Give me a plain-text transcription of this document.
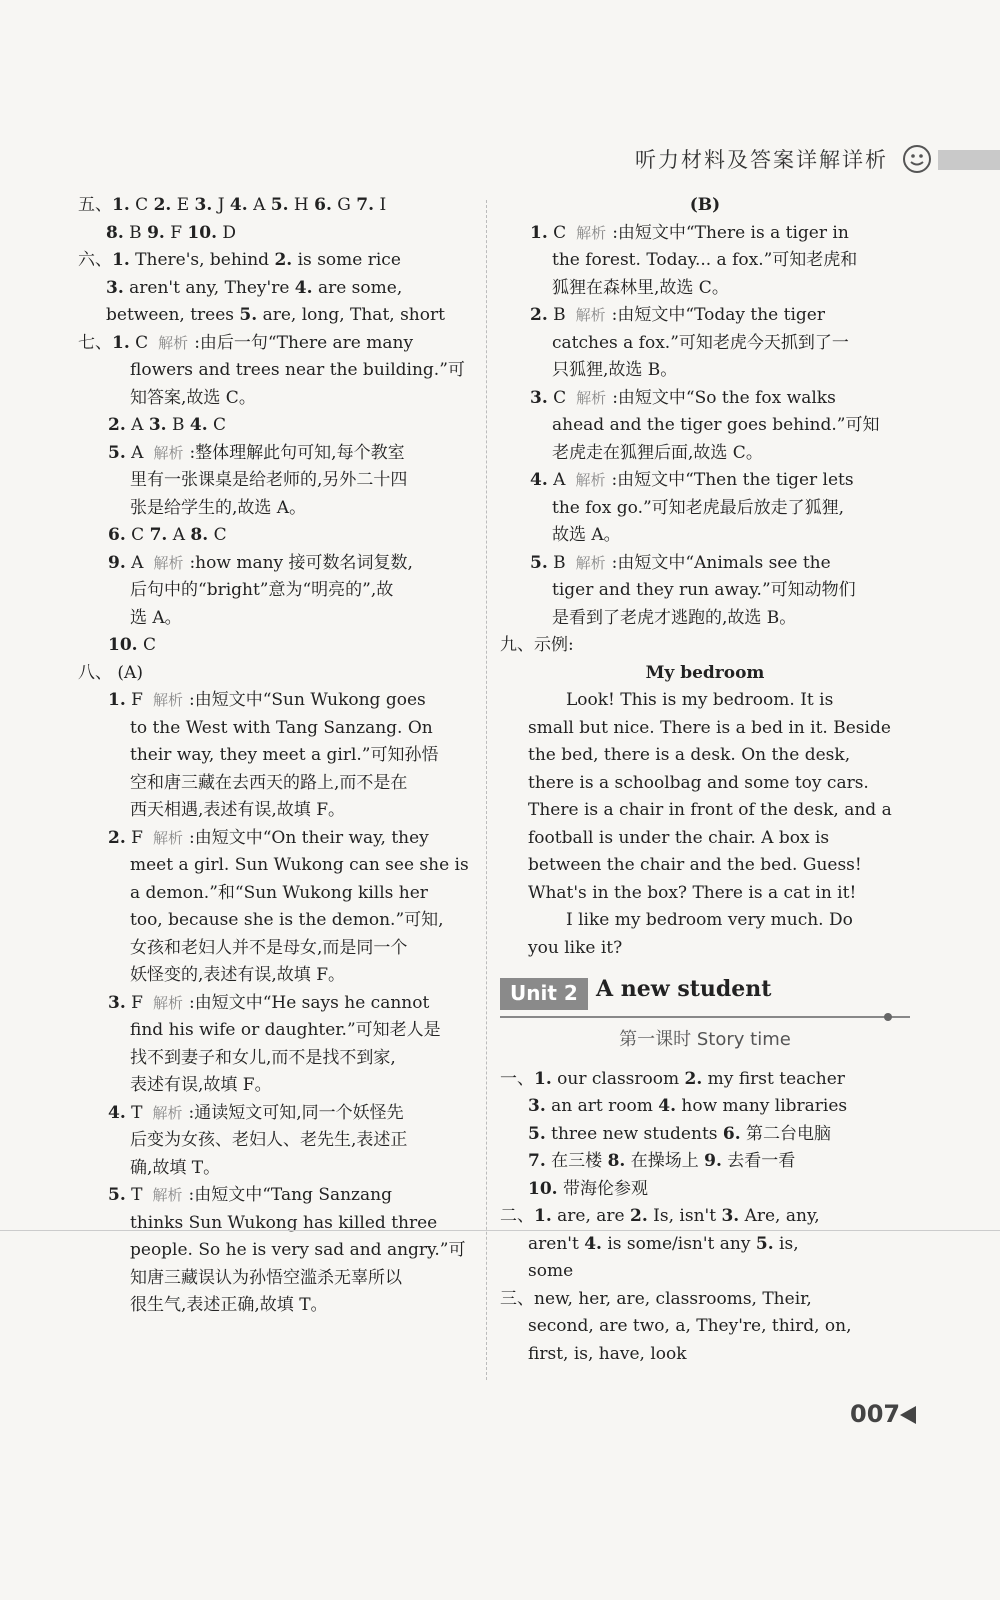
听力材料及答案详解详析
五、1. C 2. E 3. J 4. A 5. H 6. G 7. I
8. B 9. F 10. D
六、1. There's, behind 2. is some rice
3. aren't any, They're 4. are some,
between, trees 5. are, long, That, short
七、1. C 解析 :由后一句“There are many
flowers and trees near the building.”可
知答案,故选 C。
2. A 3. B 4. C
5. A 解析 :整体理解此句可知,每个教室
里有一张课桌是给老师的,另外二十四
张是给学生的,故选 A。
6. C 7. A 8. C
9. A 解析 :how many 接可数名词复数,
后句中的“bright”意为“明亮的”,故
选 A。
10. C
八、 (A)
1. F 解析 :由短文中“Sun Wukong goes
to the West with Tang Sanzang. On
their way, they meet a girl.”可知孙悟
空和唐三藏在去西天的路上,而不是在
西天相遇,表述有误,故填 F。
2. F 解析 :由短文中“On their way, they
meet a girl. Sun Wukong can see she is
a demon.”和“Sun Wukong kills her
too, because she is the demon.”可知,
女孩和老妇人并不是母女,而是同一个
妖怪变的,表述有误,故填 F。
3. F 解析 :由短文中“He says he cannot
find his wife or daughter.”可知老人是
找不到妻子和女儿,而不是找不到家,
表述有误,故填 F。
4. T 解析 :通读短文可知,同一个妖怪先
后变为女孩、老妇人、老先生,表述正
确,故填 T。
5. T 解析 :由短文中“Tang Sanzang
thinks Sun Wukong has killed three
people. So he is very sad and angry.”可
知唐三藏误认为孙悟空滥杀无辜所以
很生气,表述正确,故填 T。
(B)
1. C 解析 :由短文中“There is a tiger in
the forest. Today... a fox.”可知老虎和
狐狸在森林里,故选 C。
2. B 解析 :由短文中“Today the tiger
catches a fox.”可知老虎今天抓到了一
只狐狸,故选 B。
3. C 解析 :由短文中“So the fox walks
ahead and the tiger goes behind.”可知
老虎走在狐狸后面,故选 C。
4. A 解析 :由短文中“Then the tiger lets
the fox go.”可知老虎最后放走了狐狸,
故选 A。
5. B 解析 :由短文中“Animals see the
tiger and they run away.”可知动物们
是看到了老虎才逃跑的,故选 B。
九、示例:
My bedroom
Look! This is my bedroom. It is
small but nice. There is a bed in it. Beside
the bed, there is a desk. On the desk,
there is a schoolbag and some toy cars.
There is a chair in front of the desk, and a
football is under the chair. A box is
between the chair and the bed. Guess!
What's in the box? There is a cat in it!
I like my bedroom very much. Do
you like it?
Unit 2 A new student
第一课时 Story time
一、1. our classroom 2. my first teacher
3. an art room 4. how many libraries
5. three new students 6. 第二台电脑
7. 在三楼 8. 在操场上 9. 去看一看
10. 带海伦参观
二、1. are, are 2. Is, isn't 3. Are, any,
aren't 4. is some/isn't any 5. is,
some
三、new, her, are, classrooms, Their,
second, are two, a, They're, third, on,
first, is, have, look
007
